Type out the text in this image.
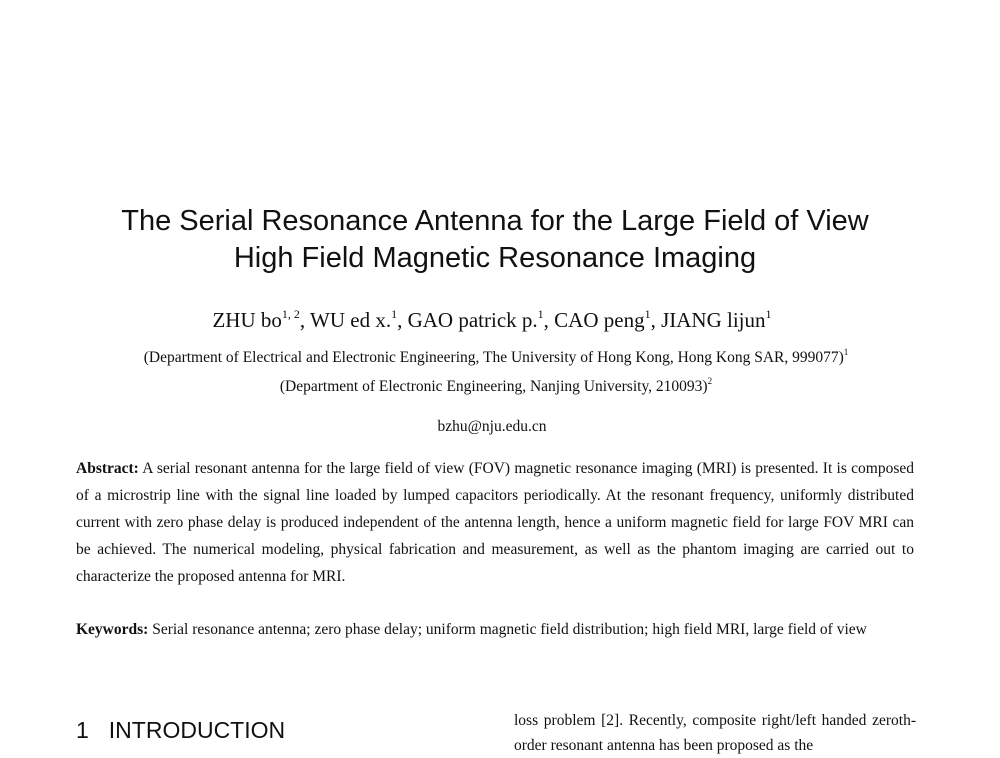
The Serial Resonance Antenna for the Large Field of View
High Field Magnetic Resonance Imaging
ZHU bo$^{1, 2}$, WU ed x.$^1$, GAO patrick p.$^1$, CAO peng$^1$, JIANG lijun$^1$
(Department of Electrical and Electronic Engineering, The University of Hong Kong, Hong Kong SAR, 999077)$^1$
(Department of Electronic Engineering, Nanjing University, 210093)$^2$
bzhu@nju.edu.cn

Abstract: A serial resonant antenna for the large field of view (FOV) magnetic resonance imaging (MRI) is presented. It is composed of a microstrip line with the signal line loaded by lumped capacitors periodically. At the resonant frequency, uniformly distributed current with zero phase delay is produced independent of the antenna length, hence a uniform magnetic field for large FOV MRI can be achieved. The numerical modeling, physical fabrication and measurement, as well as the phantom imaging are carried out to characterize the proposed antenna for MRI.

Keywords: Serial resonance antenna; zero phase delay; uniform magnetic field distribution; high field MRI, large field of view

1 INTRODUCTION	loss problem [2]. Recently, composite right/left handed zeroth-order resonant antenna has been proposed as the
